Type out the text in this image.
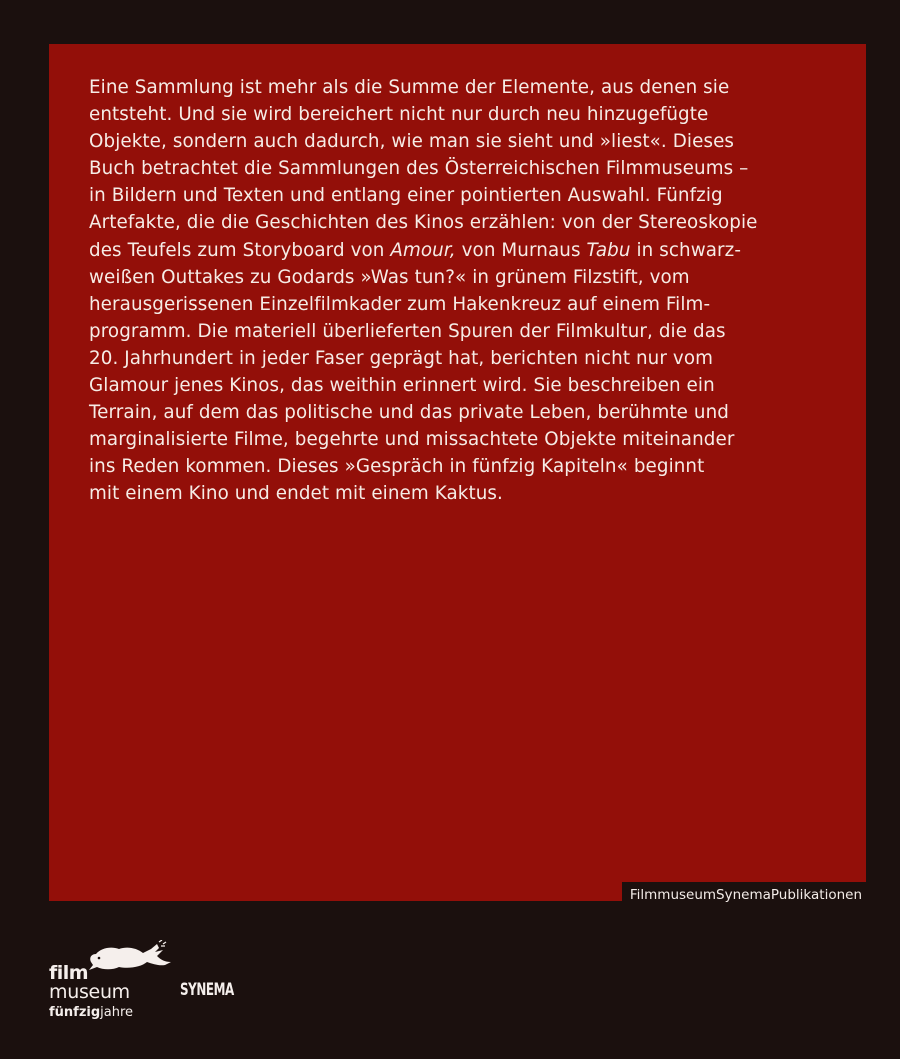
Eine Sammlung ist mehr als die Summe der Elemente, aus denen sie
entsteht. Und sie wird bereichert nicht nur durch neu hinzugefügte
Objekte, sondern auch dadurch, wie man sie sieht und »liest«. Dieses
Buch betrachtet die Sammlungen des Österreichischen Filmmuseums –
in Bildern und Texten und entlang einer pointierten Auswahl. Fünfzig
Artefakte, die die Geschichten des Kinos erzählen: von der Stereoskopie
des Teufels zum Storyboard von Amour, von Murnaus Tabu in schwarz-
weißen Outtakes zu Godards »Was tun?« in grünem Filzstift, vom
herausgerissenen Einzelfilmkader zum Hakenkreuz auf einem Film-
programm. Die materiell überlieferten Spuren der Filmkultur, die das
20. Jahrhundert in jeder Faser geprägt hat, berichten nicht nur vom
Glamour jenes Kinos, das weithin erinnert wird. Sie beschreiben ein
Terrain, auf dem das politische und das private Leben, berühmte und
marginalisierte Filme, begehrte und missachtete Objekte miteinander
ins Reden kommen. Dieses »Gespräch in fünfzig Kapiteln« beginnt
mit einem Kino und endet mit einem Kaktus.

FilmmuseumSynemaPublikationen
film
museum
fünfzigjahre
SYNEMA
